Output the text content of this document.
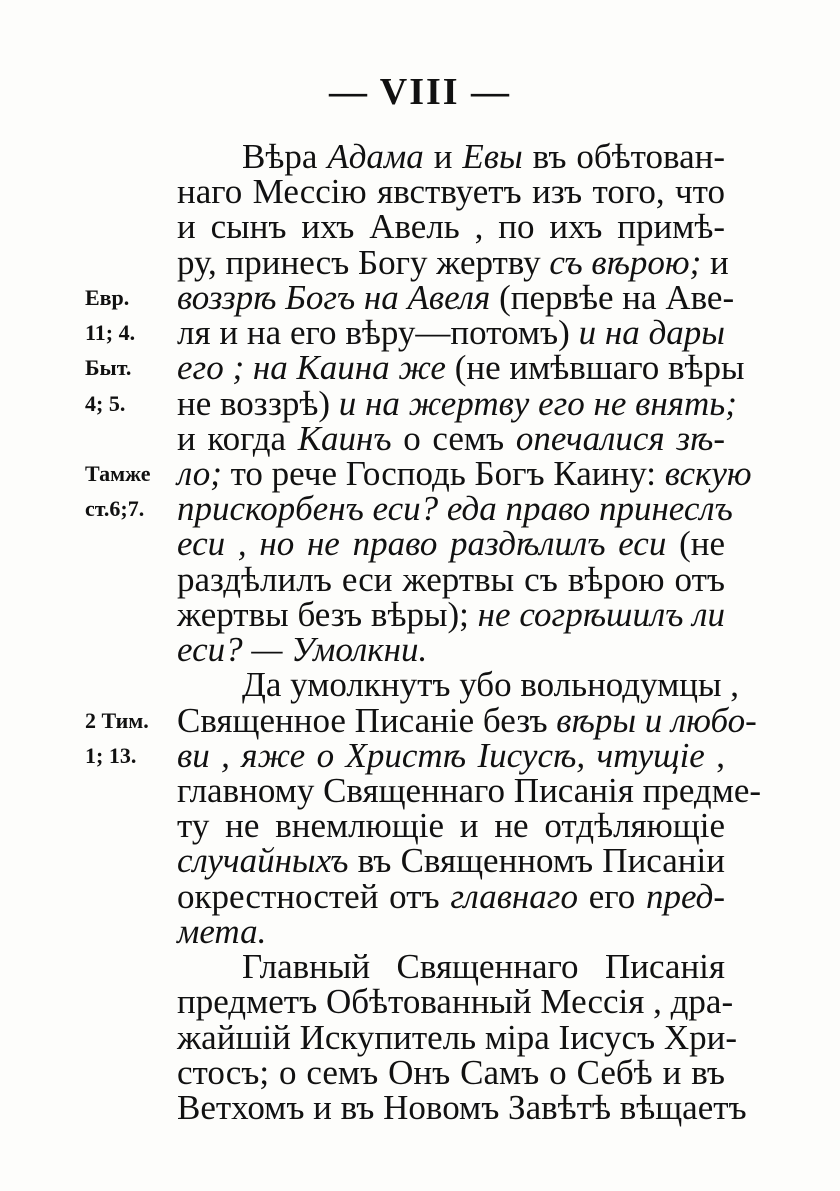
— VIII —
Вѣра Адама и Евы въ обѣтован-
наго Мессію явствуетъ изъ того, что
и сынъ ихъ Авель , по ихъ примѣ-
ру, принесъ Богу жертву съ вѣрою; и
воззрѣ Богъ на Авеля (первѣе на Аве-
ля и на его вѣру—потомъ) и на дары
его ; на Каина же (не имѣвшаго вѣры
не воззрѣ) и на жертву его не внять;
и когда Каинъ о семъ опечалися зѣ-
ло; то рече Господь Богъ Каину: вскую
прискорбенъ еси? еда право принеслъ
еси , но не право раздѣлилъ еси (не
раздѣлилъ еси жертвы съ вѣрою отъ
жертвы безъ вѣры); не согрѣшилъ ли
еси? — Умолкни.
Да умолкнутъ убо вольнодумцы ,
Священное Писаніе безъ вѣры и любо-
ви , яже о Христѣ Іисусѣ, чтущіе ,
главному Священнаго Писанія предме-
ту не внемлющіе и не отдѣляющіе
случайныхъ въ Священномъ Писаніи
окрестностей отъ главнаго его пред-
мета.
Главный Священнаго Писанія
предметъ Обѣтованный Мессія , дра-
жайшій Искупитель міра Іисусъ Хри-
стосъ; о семъ Онъ Самъ о Себѣ и въ
Ветхомъ и въ Новомъ Завѣтѣ вѣщаетъ
Евр.
11; 4.
Быт.
4; 5.
Тамже
ст.6;7.
2 Тим.
1; 13.
